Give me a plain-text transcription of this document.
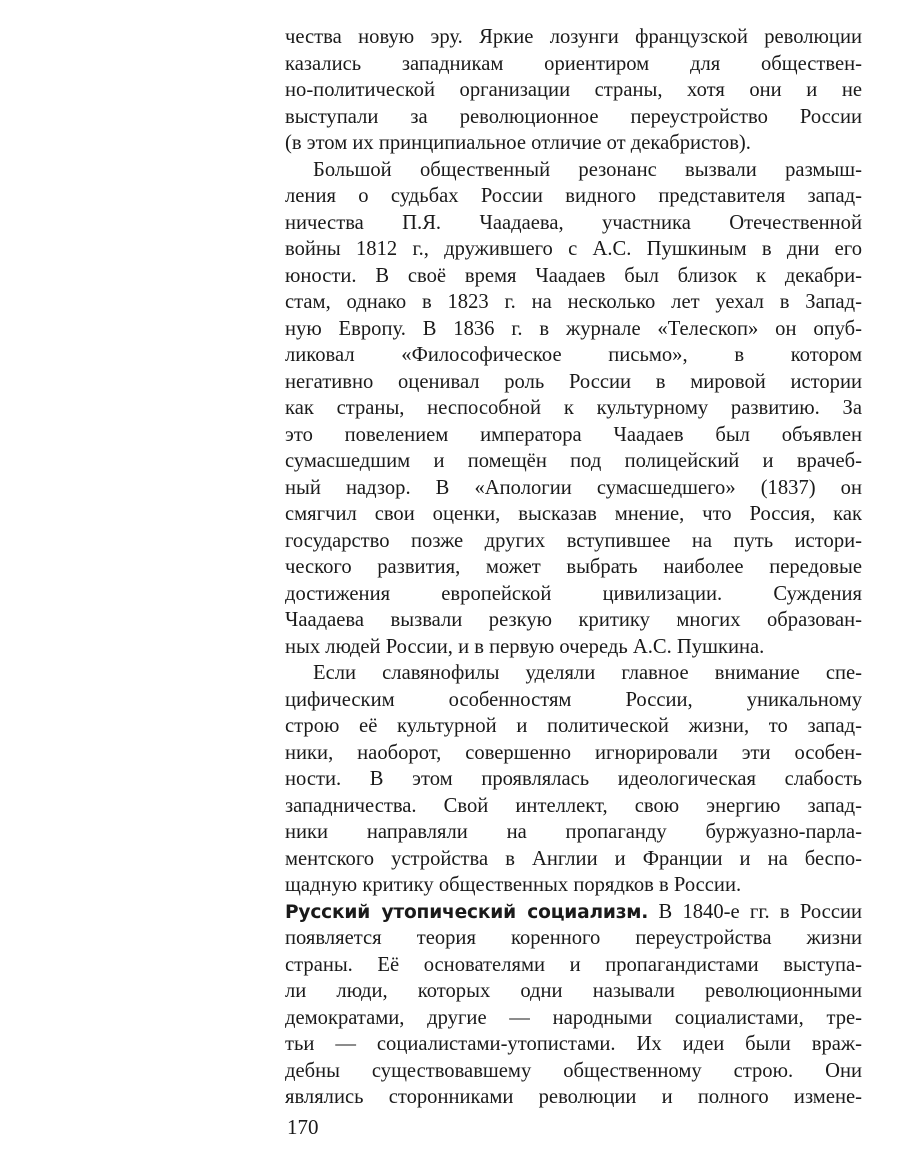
чества новую эру. Яркие лозунги французской революции
казались западникам ориентиром для обществен-
но-политической организации страны, хотя они и не
выступали за революционное переустройство России
(в этом их принципиальное отличие от декабристов).
Большой общественный резонанс вызвали размыш-
ления о судьбах России видного представителя запад-
ничества П.Я. Чаадаева, участника Отечественной
войны 1812 г., дружившего с А.С. Пушкиным в дни его
юности. В своё время Чаадаев был близок к декабри-
стам, однако в 1823 г. на несколько лет уехал в Запад-
ную Европу. В 1836 г. в журнале «Телескоп» он опуб-
ликовал «Философическое письмо», в котором
негативно оценивал роль России в мировой истории
как страны, неспособной к культурному развитию. За
это повелением императора Чаадаев был объявлен
сумасшедшим и помещён под полицейский и врачеб-
ный надзор. В «Апологии сумасшедшего» (1837) он
смягчил свои оценки, высказав мнение, что Россия, как
государство позже других вступившее на путь истори-
ческого развития, может выбрать наиболее передовые
достижения европейской цивилизации. Суждения
Чаадаева вызвали резкую критику многих образован-
ных людей России, и в первую очередь А.С. Пушкина.
Если славянофилы уделяли главное внимание спе-
цифическим особенностям России, уникальному
строю её культурной и политической жизни, то запад-
ники, наоборот, совершенно игнорировали эти особен-
ности. В этом проявлялась идеологическая слабость
западничества. Свой интеллект, свою энергию запад-
ники направляли на пропаганду буржуазно-парла-
ментского устройства в Англии и Франции и на беспо-
щадную критику общественных порядков в России.
Русский утопический социализм. В 1840-е гг. в России
появляется теория коренного переустройства жизни
страны. Её основателями и пропагандистами выступа-
ли люди, которых одни называли революционными
демократами, другие — народными социалистами, тре-
тьи — социалистами-утопистами. Их идеи были враж-
дебны существовавшему общественному строю. Они
являлись сторонниками революции и полного измене-
170
